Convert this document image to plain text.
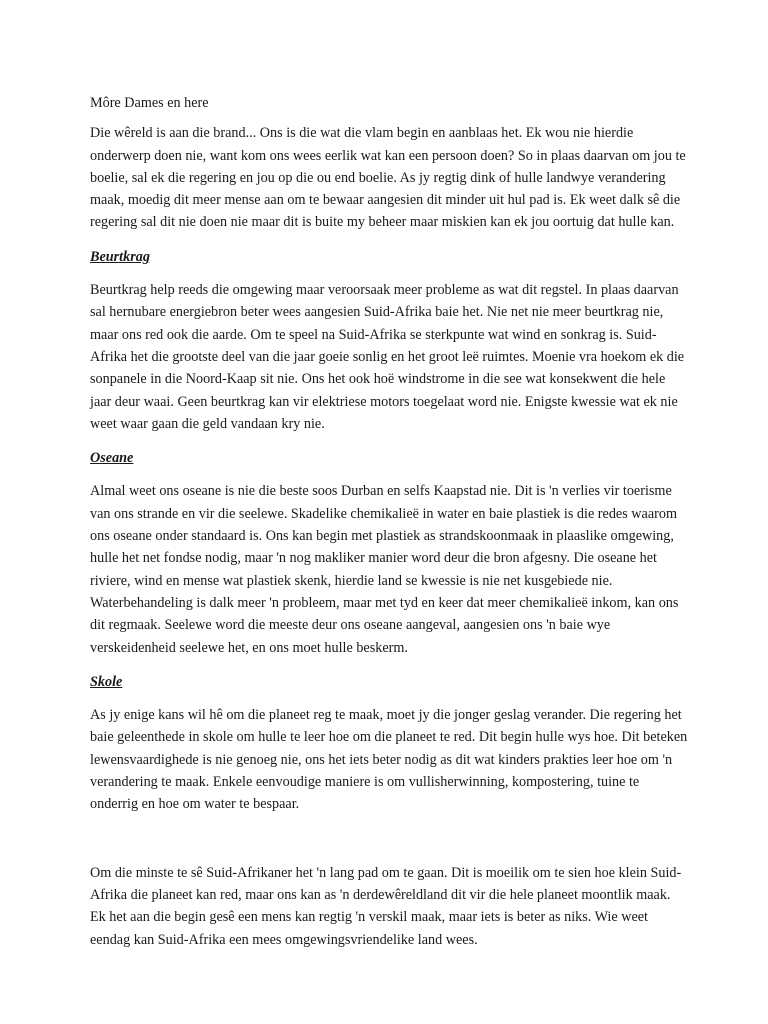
Môre Dames en here

Die wêreld is aan die brand... Ons is die wat die vlam begin en aanblaas het. Ek wou nie hierdie onderwerp doen nie, want kom ons wees eerlik wat kan een persoon doen? So in plaas daarvan om jou te boelie, sal ek die regering en jou op die ou end boelie. As jy regtig dink of hulle landwye verandering maak, moedig dit meer mense aan om te bewaar aangesien dit minder uit hul pad is. Ek weet dalk sê die regering sal dit nie doen nie maar dit is buite my beheer maar miskien kan ek jou oortuig dat hulle kan.

Beurtkrag

Beurtkrag help reeds die omgewing maar veroorsaak meer probleme as wat dit regstel. In plaas daarvan sal hernubare energiebron beter wees aangesien Suid-Afrika baie het. Nie net nie meer beurtkrag nie, maar ons red ook die aarde. Om te speel na Suid-Afrika se sterkpunte wat wind en sonkrag is. Suid-Afrika het die grootste deel van die jaar goeie sonlig en het groot leë ruimtes. Moenie vra hoekom ek die sonpanele in die Noord-Kaap sit nie. Ons het ook hoë windstrome in die see wat konsekwent die hele jaar deur waai. Geen beurtkrag kan vir elektriese motors toegelaat word nie. Enigste kwessie wat ek nie weet waar gaan die geld vandaan kry nie.

Oseane

Almal weet ons oseane is nie die beste soos Durban en selfs Kaapstad nie. Dit is 'n verlies vir toerisme van ons strande en vir die seelewe. Skadelike chemikalieë in water en baie plastiek is die redes waarom ons oseane onder standaard is. Ons kan begin met plastiek as strandskoonmaak in plaaslike omgewing, hulle het net fondse nodig, maar 'n nog makliker manier word deur die bron afgesny. Die oseane het riviere, wind en mense wat plastiek skenk, hierdie land se kwessie is nie net kusgebiede nie. Waterbehandeling is dalk meer 'n probleem, maar met tyd en keer dat meer chemikalieë inkom, kan ons dit regmaak. Seelewe word die meeste deur ons oseane aangeval, aangesien ons 'n baie wye verskeidenheid seelewe het, en ons moet hulle beskerm.

Skole

As jy enige kans wil hê om die planeet reg te maak, moet jy die jonger geslag verander. Die regering het baie geleenthede in skole om hulle te leer hoe om die planeet te red. Dit begin hulle wys hoe. Dit beteken lewensvaardighede is nie genoeg nie, ons het iets beter nodig as dit wat kinders prakties leer hoe om 'n verandering te maak. Enkele eenvoudige maniere is om vullisherwinning, kompostering, tuine te onderrig en hoe om water te bespaar.

Om die minste te sê Suid-Afrikaner het 'n lang pad om te gaan. Dit is moeilik om te sien hoe klein Suid-Afrika die planeet kan red, maar ons kan as 'n derdewêreldland dit vir die hele planeet moontlik maak. Ek het aan die begin gesê een mens kan regtig 'n verskil maak, maar iets is beter as niks. Wie weet eendag kan Suid-Afrika een mees omgewingsvriendelike land wees.
